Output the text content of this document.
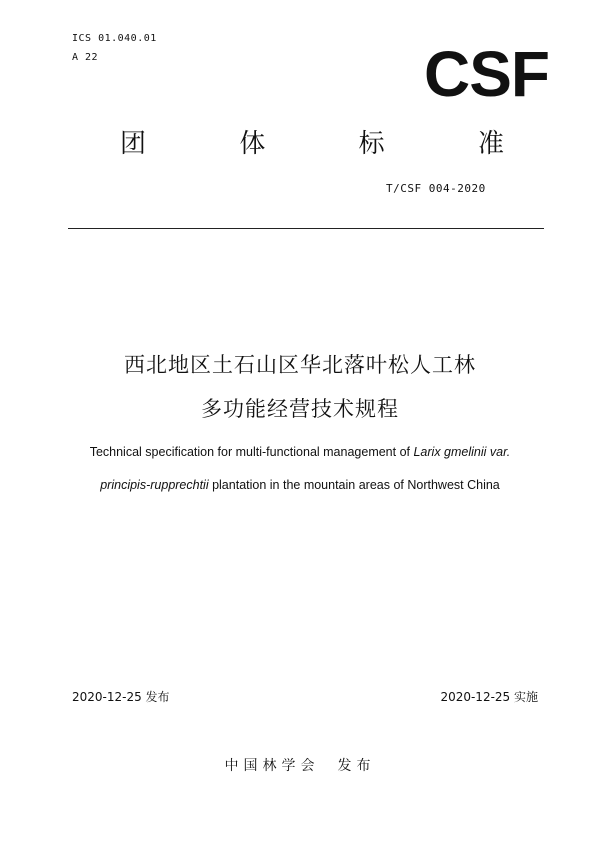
ICS 01.040.01
A 22	CSF
团	体	标	准
T/CSF 004-2020
西北地区土石山区华北落叶松人工林
多功能经营技术规程
Technical specification for multi-functional management of Larix gmelinii var.
principis-rupprechtii plantation in the mountain areas of Northwest China
2020-12-25 发布	2020-12-25 实施
中国林学会 发布
